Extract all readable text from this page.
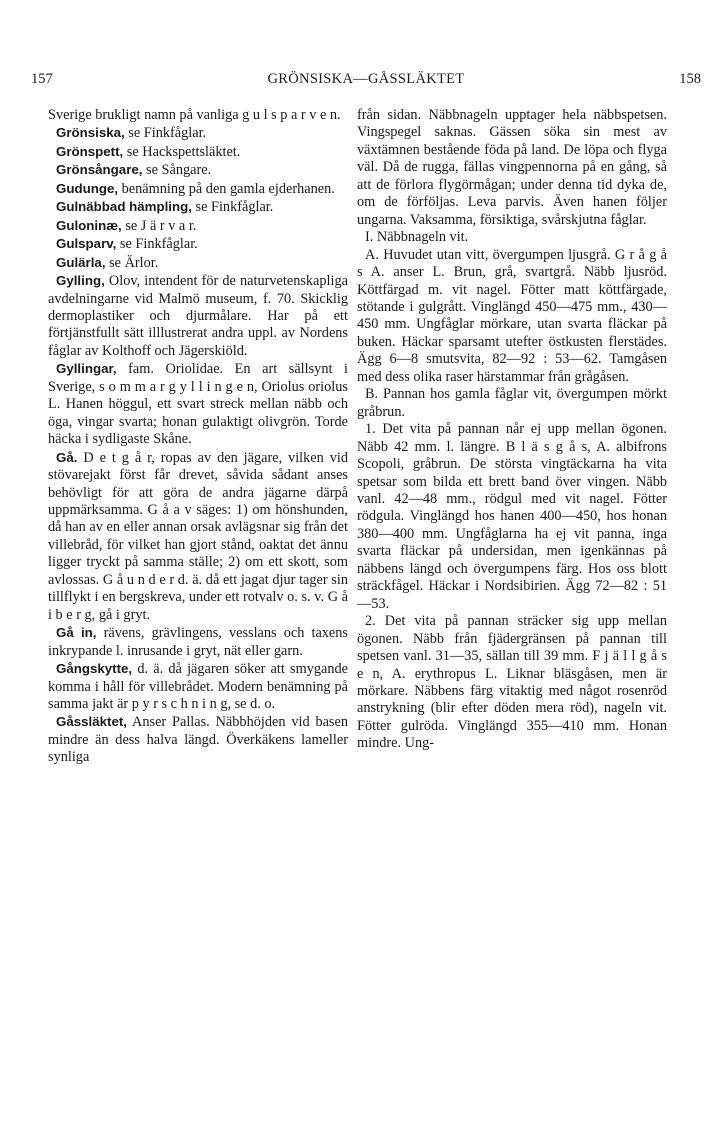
157	GRÖNSISKA—GÅSSLÄKTET	158

Sverige brukligt namn på vanliga g u l s p a r v e n.

Grönsiska, se Finkfåglar.

Grönspett, se Hackspettsläktet.

Grönsångare, se Sångare.

Gudunge, benämning på den gamla ejderhanen.

Gulnäbbad hämpling, se Finkfåglar.

Guloninæ, se J ä r v a r.

Gulsparv, se Finkfåglar.

Gulärla, se Ärlor.

Gylling, Olov, intendent för de naturvetenskapliga avdelningarne vid Malmö museum, f. 70. Skicklig dermoplastiker och djurmålare. Har på ett förtjänstfullt sätt illlustrerat andra uppl. av Nordens fåglar av Kolthoff och Jägerskiöld.

Gyllingar, fam. Oriolidae. En art sällsynt i Sverige, s o m m a r g y l l i n g e n, Oriolus oriolus L. Hanen höggul, ett svart streck mellan näbb och öga, vingar svarta; honan gulaktigt olivgrön. Torde häcka i sydligaste Skåne.

Gå. D e t g å r, ropas av den jägare, vilken vid stövarejakt först får drevet, såvida sådant anses behövligt för att göra de andra jägarne därpå uppmärksamma. G å a v säges: 1) om hönshunden, då han av en eller annan orsak avlägsnar sig från det villebråd, för vilket han gjort stånd, oaktat det ännu ligger tryckt på samma ställe; 2) om ett skott, som avlossas. G å u n d e r d. ä. då ett jagat djur tager sin tillflykt i en bergskreva, under ett rotvalv o. s. v. G å i b e r g, gå i gryt.

Gå in, rävens, grävlingens, vesslans och taxens inkrypande l. inrusande i gryt, nät eller garn.

Gångskytte, d. ä. då jägaren söker att smygande komma i håll för villebrådet. Modern benämning på samma jakt är p y r s c h n i n g, se d. o.

Gåssläktet, Anser Pallas. Näbbhöjden vid basen mindre än dess halva längd. Överkäkens lameller synliga

från sidan. Näbbnageln upptager hela näbbspetsen. Vingspegel saknas. Gässen söka sin mest av växtämnen bestående föda på land. De löpa och flyga väl. Då de rugga, fällas vingpennorna på en gång, så att de förlora flygörmågan; under denna tid dyka de, om de förföljas. Leva parvis. Även hanen följer ungarna. Vaksamma, försiktiga, svårskjutna fåglar.

I. Näbbnageln vit.

A. Huvudet utan vitt, övergumpen ljusgrå. G r å g å s A. anser L. Brun, grå, svartgrå. Näbb ljusröd. Köttfärgad m. vit nagel. Fötter matt köttfärgade, stötande i gulgrått. Vinglängd 450—475 mm., 430—450 mm. Ungfåglar mörkare, utan svarta fläckar på buken. Häckar sparsamt utefter östkusten flerstädes. Ägg 6—8 smutsvita, 82—92 : 53—62. Tamgåsen med dess olika raser härstammar från grågåsen.

B. Pannan hos gamla fåglar vit, övergumpen mörkt gråbrun.

1. Det vita på pannan når ej upp mellan ögonen. Näbb 42 mm. l. längre. B l ä s g å s, A. albifrons Scopoli, gråbrun. De största vingtäckarna ha vita spetsar som bilda ett brett band över vingen. Näbb vanl. 42—48 mm., rödgul med vit nagel. Fötter rödgula. Vinglängd hos hanen 400—450, hos honan 380—400 mm. Ungfåglarna ha ej vit panna, inga svarta fläckar på undersidan, men igenkännas på näbbens längd och övergumpens färg. Hos oss blott sträckfågel. Häckar i Nordsibirien. Ägg 72—82 : 51—53.

2. Det vita på pannan sträcker sig upp mellan ögonen. Näbb från fjädergränsen på pannan till spetsen vanl. 31—35, sällan till 39 mm. F j ä l l g å s e n, A. erythropus L. Liknar bläsgåsen, men är mörkare. Näbbens färg vitaktig med något rosenröd anstrykning (blir efter döden mera röd), nageln vit. Fötter gulröda. Vinglängd 355—410 mm. Honan mindre. Ung-
